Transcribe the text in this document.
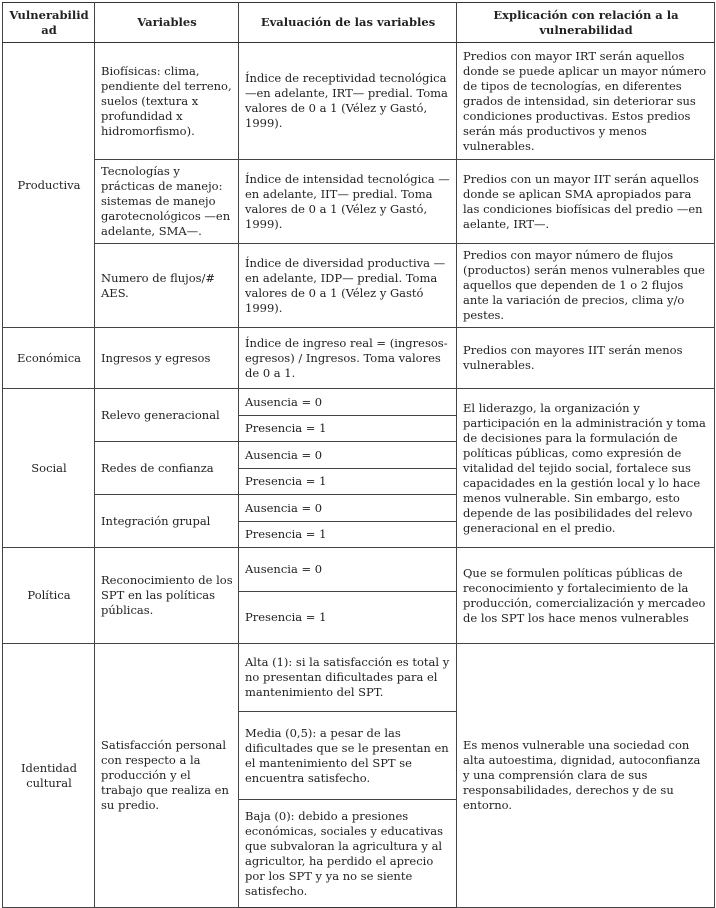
Vulnerabilidad	Variables	Evaluación de las variables	Explicación con relación a la vulnerabilidad
Productiva	Biofísicas: clima, pendiente del terreno, suelos (textura x profundidad x hidromorfismo).	Índice de receptividad tecnológica —en adelante, IRT— predial. Toma valores de 0 a 1 (Vélez y Gastó, 1999).	Predios con mayor IRT serán aquellos donde se puede aplicar un mayor número de tipos de tecnologías, en diferentes grados de intensidad, sin deteriorar sus condiciones productivas. Estos predios serán más productivos y menos vulnerables.
	Tecnologías y prácticas de manejo: sistemas de manejo garotecnológicos —en adelante, SMA—.	Índice de intensidad tecnológica —en adelante, IIT— predial. Toma valores de 0 a 1 (Vélez y Gastó, 1999).	Predios con un mayor IIT serán aquellos donde se aplican SMA apropiados para las condiciones biofísicas del predio —en aelante, IRT—.
	Numero de flujos/# AES.	Índice de diversidad productiva —en adelante, IDP— predial. Toma valores de 0 a 1 (Vélez y Gastó 1999).	Predios con mayor número de flujos (productos) serán menos vulnerables que aquellos que dependen de 1 o 2 flujos ante la variación de precios, clima y/o pestes.
Económica	Ingresos y egresos	Índice de ingreso real = (ingresos-egresos) / Ingresos. Toma valores de 0 a 1.	Predios con mayores IIT serán menos vulnerables.
Social	Relevo generacional	Ausencia = 0	El liderazgo, la organización y participación en la administración y toma de decisiones para la formulación de políticas públicas, como expresión de vitalidad del tejido social, fortalece sus capacidades en la gestión local y lo hace menos vulnerable. Sin embargo, esto depende de las posibilidades del relevo generacional en el predio.
		Presencia = 1	
	Redes de confianza	Ausencia = 0	
		Presencia = 1	
	Integración grupal	Ausencia = 0	
		Presencia = 1	
Política	Reconocimiento de los SPT en las políticas públicas.	Ausencia = 0	Que se formulen políticas públicas de reconocimiento y fortalecimiento de la producción, comercialización y mercadeo de los SPT los hace menos vulnerables
		Presencia = 1	
Identidad cultural	Satisfacción personal con respecto a la producción y el trabajo que realiza en su predio.	Alta (1): si la satisfacción es total y no presentan dificultades para el mantenimiento del SPT.	Es menos vulnerable una sociedad con alta autoestima, dignidad, autoconfianza y una comprensión clara de sus responsabilidades, derechos y de su entorno.
		Media (0,5): a pesar de las dificultades que se le presentan en el mantenimiento del SPT se encuentra satisfecho.	
		Baja (0): debido a presiones económicas, sociales y educativas que subvaloran la agricultura y al agricultor, ha perdido el aprecio por los SPT y ya no se siente satisfecho.	
